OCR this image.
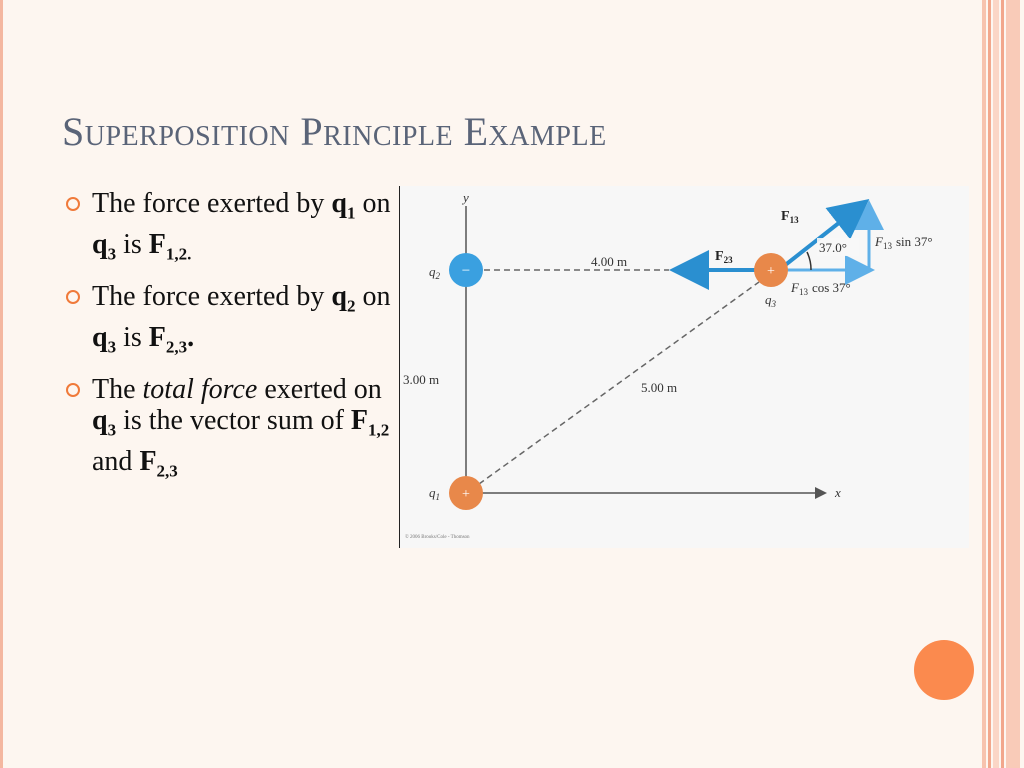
Superposition Principle Example
The force exerted by $q_1$ on $q_3$ is $F_{1,2.}$
The force exerted by $q_2$ on $q_3$ is $F_{2,3}$.
The total force exerted on $q_3$ is the vector sum of $F_{1,2}$ and $F_{2,3}$
y
x
4.00 m
3.00 m
5.00 m
−
$q_2$
+
$q_1$
37.0°
+
$q_3$
$F_{13}$
$F_{23}$
$F_{13}$ sin 37°
$F_{13}$ cos 37°
© 2006 Brooks/Cole - Thomson
